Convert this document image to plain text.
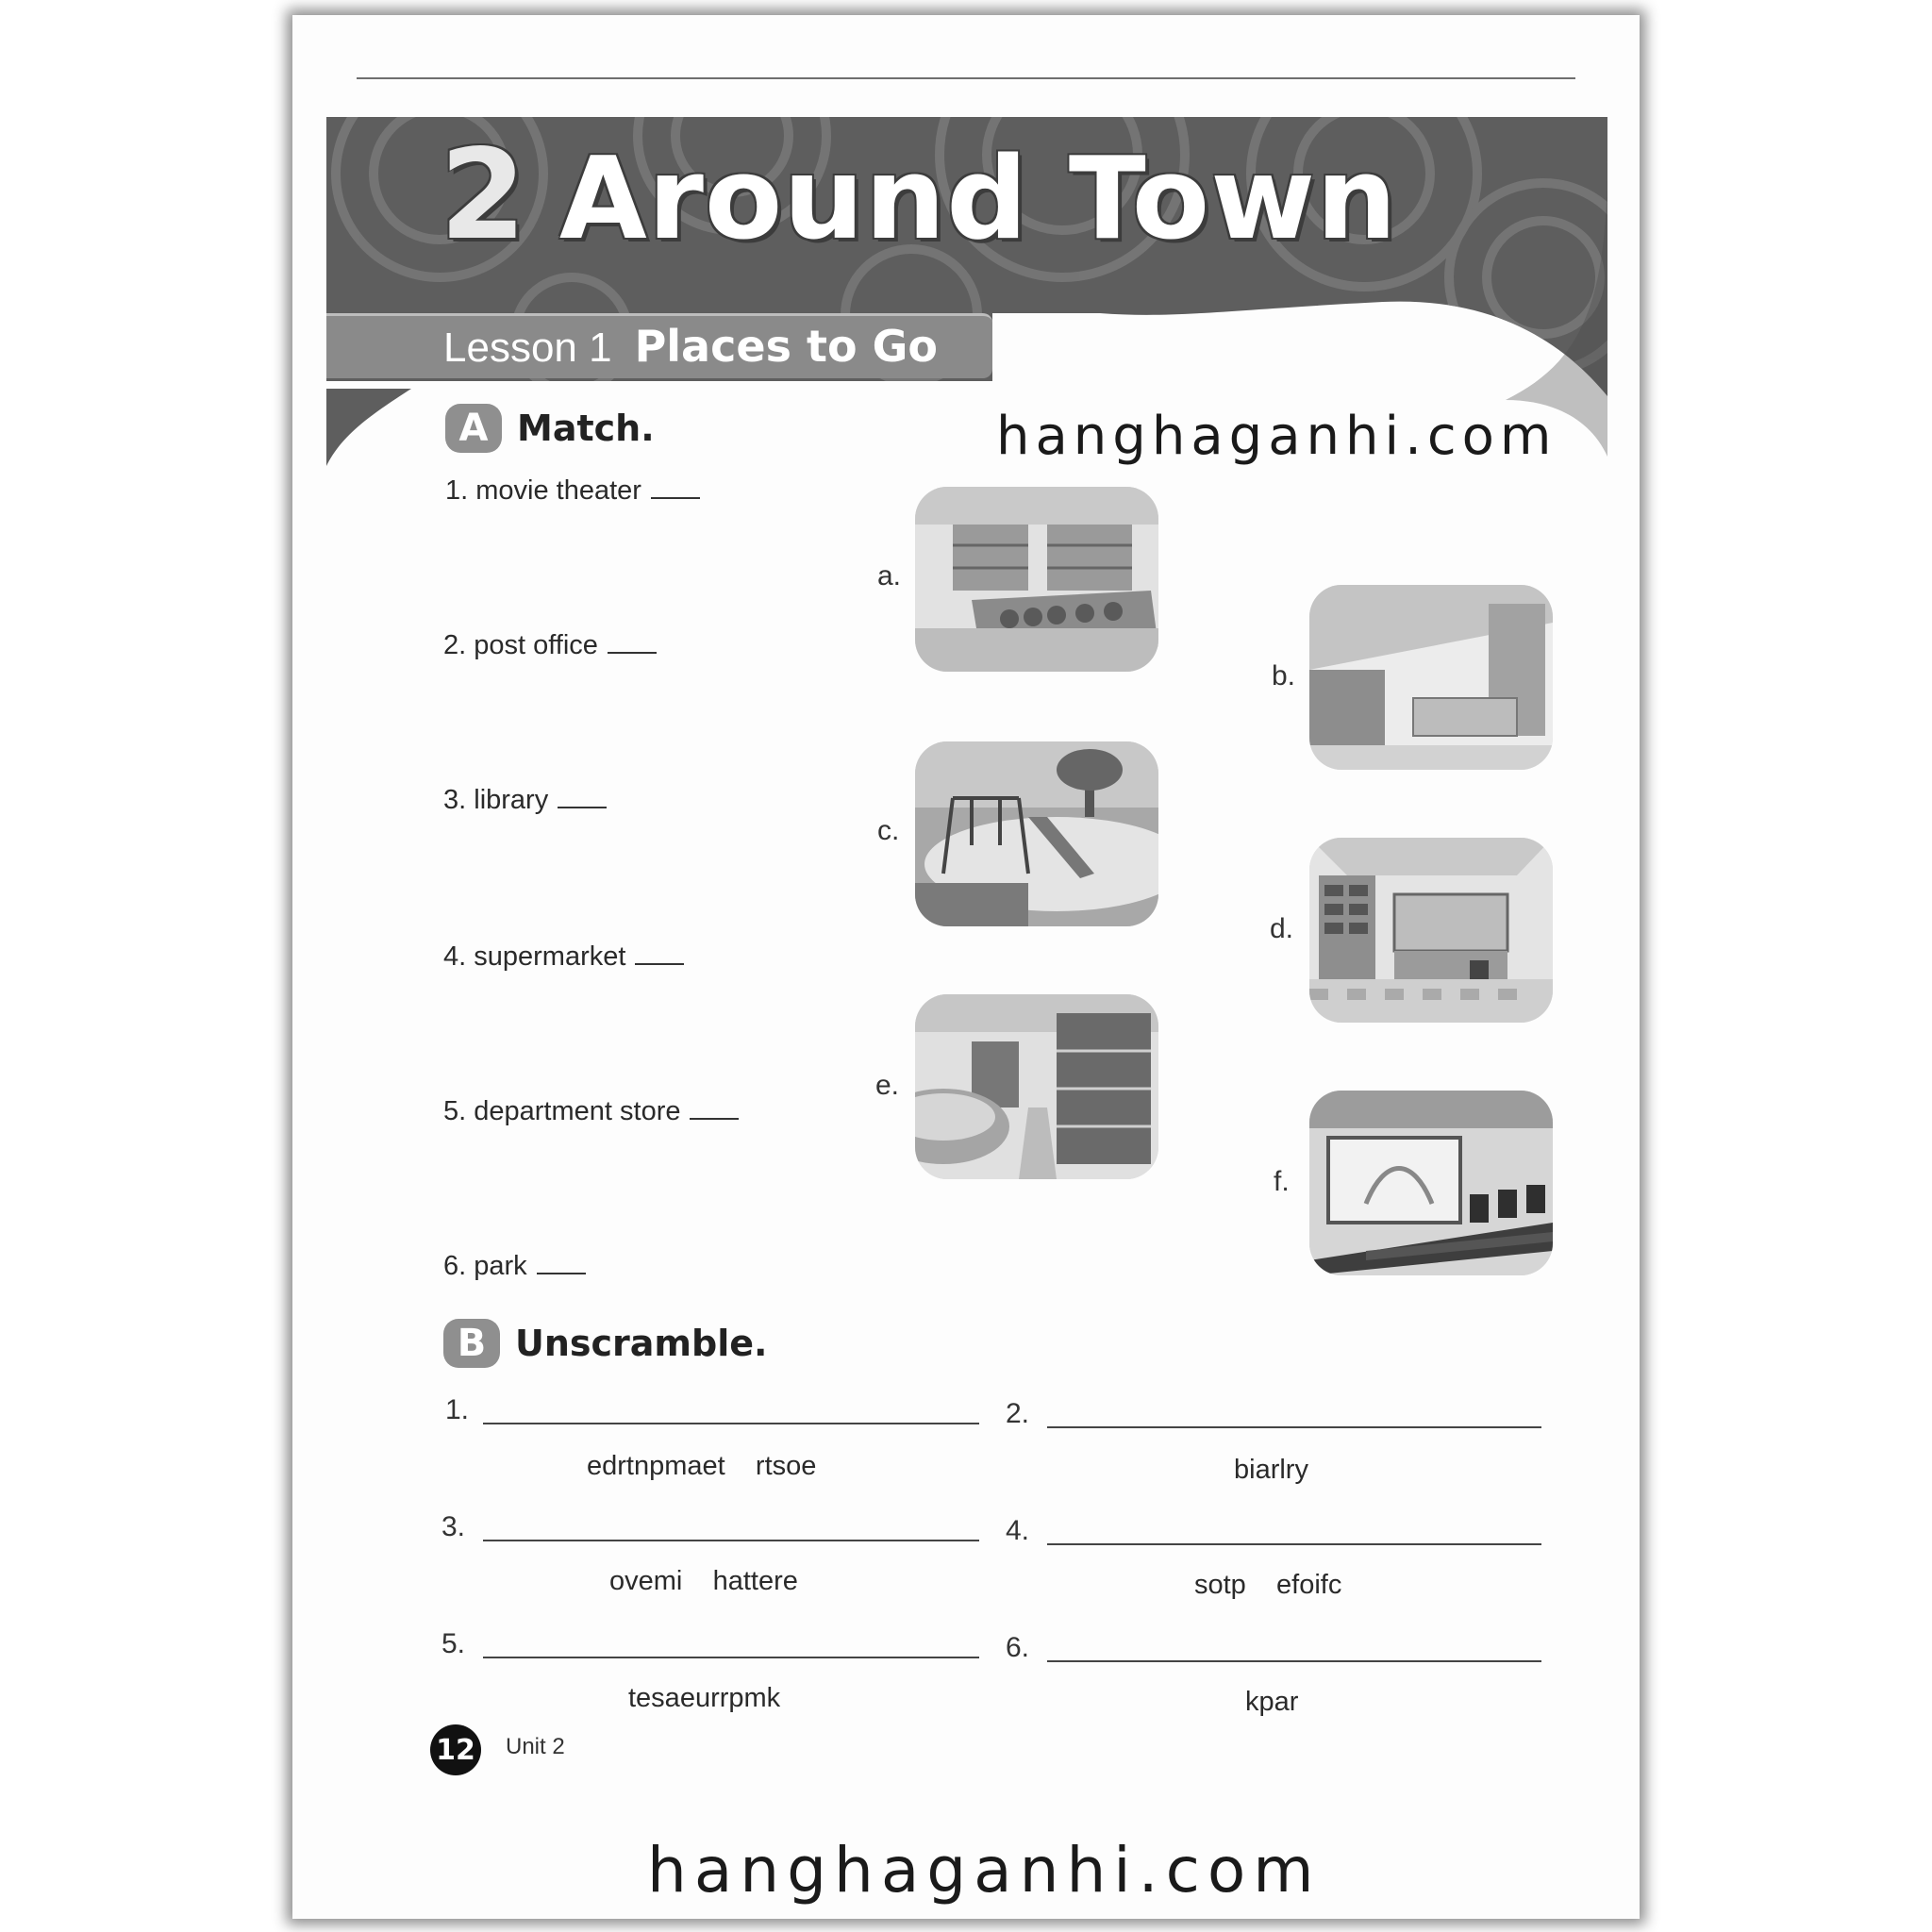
2 Around Town
Lesson 1 Places to Go
hanghaganhi.com
A Match.
1. movie theater
2. post office
3. library
4. supermarket
5. department store
6. park
a.
b.
c.
d.
e.
f.
B Unscramble.
1.
edrtnpmaet    rtsoe
2.
biarlry
3.
ovemi    hattere
4.
sotp    efoifc
5.
tesaeurrpmk
6.
kpar
12 Unit 2
hanghaganhi.com
